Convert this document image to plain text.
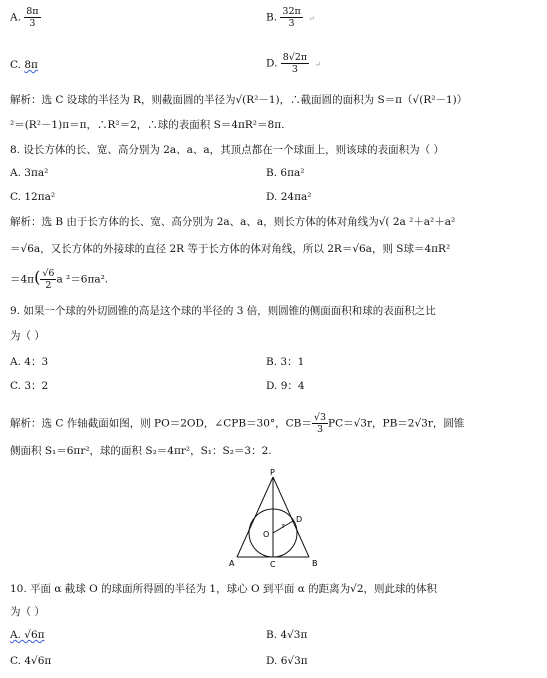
A. $\frac{8\pi}{3}$	B. $\frac{32\pi}{3}$ ↵
C. 8π	D. $\frac{8√2\pi}{3}$ ↵
解析：选 C 设球的半径为 R，则截面圆的半径为√(R²－1)，∴截面圆的面积为 S＝π（√(R²－1)）
²＝(R²－1)π＝π，∴R²＝2，∴球的表面积 S＝4πR²＝8π.
8. 设长方体的长、宽、高分别为 2a、a、a，其顶点都在一个球面上，则该球的表面积为（ ）
A. 3πa²	B. 6πa²
C. 12πa²	D. 24πa²
解析：选 B 由于长方体的长、宽、高分别为 2a、a、a，则长方体的体对角线为√( 2a ²＋a²＋a²
＝√6a，又长方体的外接球的直径 2R 等于长方体的体对角线，所以 2R＝√6a，则 S球＝4πR²
$=4\pi( \frac{√6}{2}$ a ²＝6πa².
9. 如果一个球的外切圆锥的高是这个球的半径的 3 倍，则圆锥的侧面面积和球的表面积之比
为（ ）
A. 4：3	B. 3：1
C. 3：2	D. 9：4
解析：选 C 作轴截面如图，则 PO＝2OD，∠CPB＝30°，$CB= \frac{√3}{3} PC=√3r$，PB＝2√3r，圆锥
侧面积 S₁＝6πr²，球的面积 S₂＝4πr²，S₁：S₂＝3：2.
P
A	B
C
D
O
r
10. 平面 α 截球 O 的球面所得圆的半径为 1，球心 O 到平面 α 的距离为√2，则此球的体积
为（ ）
A. √6π	B. 4√3π
C. 4√6π	D. 6√3π
